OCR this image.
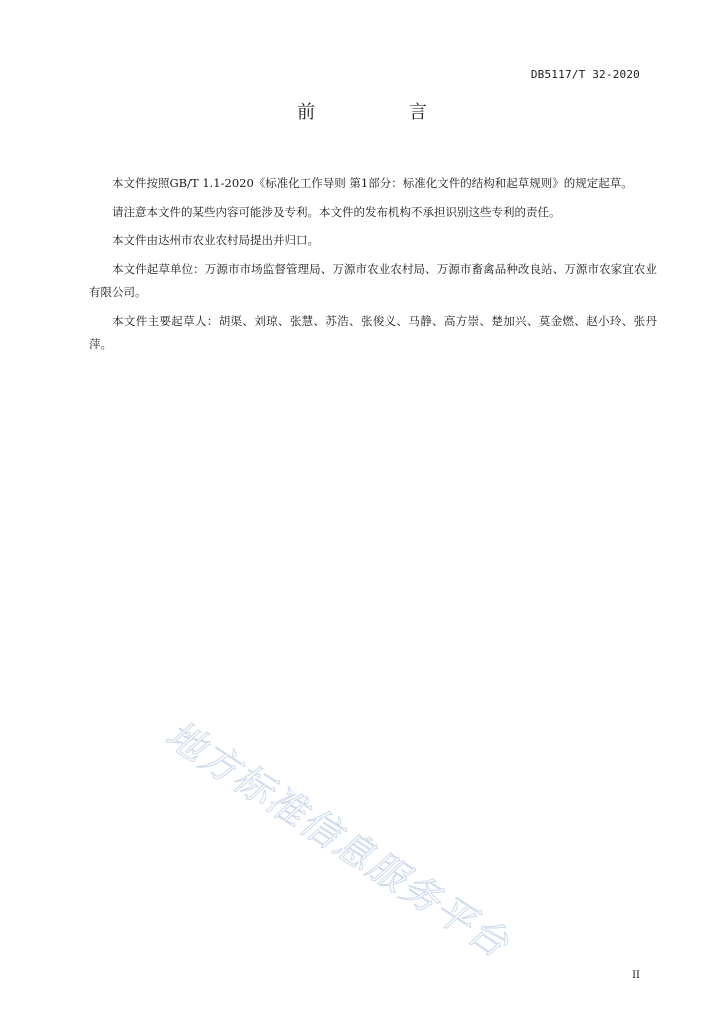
DB5117/T 32-2020
前 言

本文件按照GB/T 1.1-2020《标准化工作导则 第1部分：标准化文件的结构和起草规则》的规定起草。

请注意本文件的某些内容可能涉及专利。本文件的发布机构不承担识别这些专利的责任。

本文件由达州市农业农村局提出并归口。

本文件起草单位：万源市市场监督管理局、万源市农业农村局、万源市畜禽品种改良站、万源市农家宜农业有限公司。

本文件主要起草人：胡渠、刘琼、张慧、苏浩、张俊义、马静、高方崇、楚加兴、莫金燃、赵小玲、张丹萍。

地方标准信息服务平台
II
